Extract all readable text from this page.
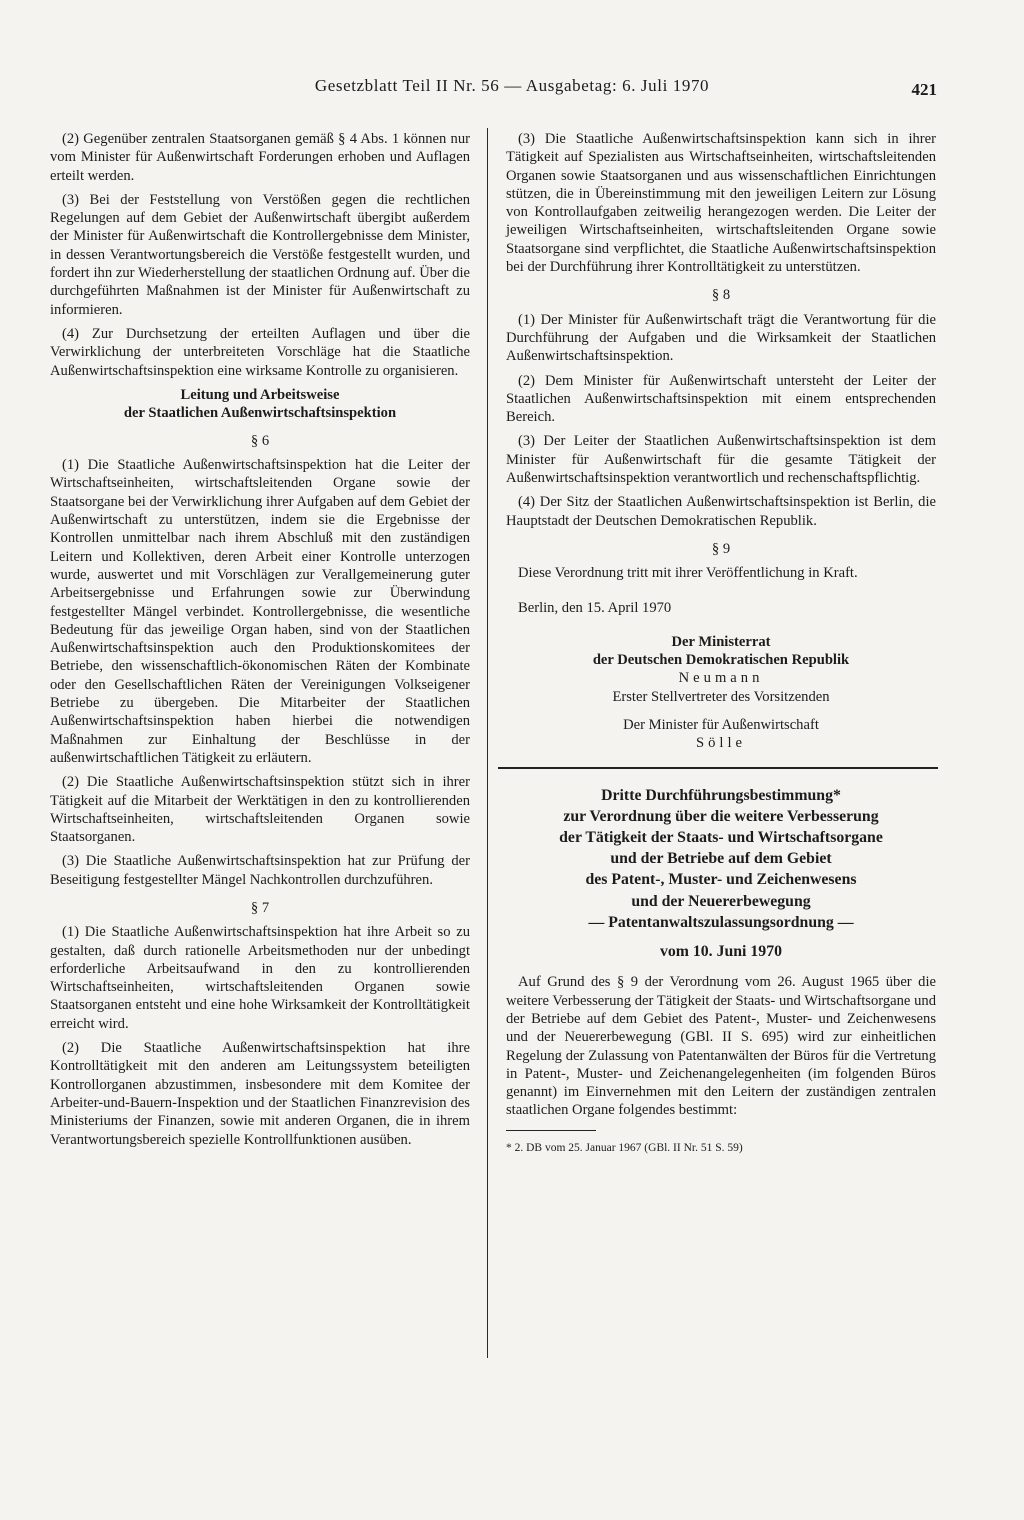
Gesetzblatt Teil II Nr. 56 — Ausgabetag: 6. Juli 1970	421

(2) Gegenüber zentralen Staatsorganen gemäß § 4 Abs. 1 können nur vom Minister für Außenwirtschaft Forderungen erhoben und Auflagen erteilt werden.

(3) Bei der Feststellung von Verstößen gegen die rechtlichen Regelungen auf dem Gebiet der Außenwirtschaft übergibt außerdem der Minister für Außenwirtschaft die Kontrollergebnisse dem Minister, in dessen Verantwortungsbereich die Verstöße festgestellt wurden, und fordert ihn zur Wiederherstellung der staatlichen Ordnung auf. Über die durchgeführten Maßnahmen ist der Minister für Außenwirtschaft zu informieren.

(4) Zur Durchsetzung der erteilten Auflagen und über die Verwirklichung der unterbreiteten Vorschläge hat die Staatliche Außenwirtschaftsinspektion eine wirksame Kontrolle zu organisieren.

Leitung und Arbeitsweise
der Staatlichen Außenwirtschaftsinspektion
§ 6

(1) Die Staatliche Außenwirtschaftsinspektion hat die Leiter der Wirtschaftseinheiten, wirtschaftsleitenden Organe sowie der Staatsorgane bei der Verwirklichung ihrer Aufgaben auf dem Gebiet der Außenwirtschaft zu unterstützen, indem sie die Ergebnisse der Kontrollen unmittelbar nach ihrem Abschluß mit den zuständigen Leitern und Kollektiven, deren Arbeit einer Kontrolle unterzogen wurde, auswertet und mit Vorschlägen zur Verallgemeinerung guter Arbeitsergebnisse und Erfahrungen sowie zur Überwindung festgestellter Mängel verbindet. Kontrollergebnisse, die wesentliche Bedeutung für das jeweilige Organ haben, sind von der Staatlichen Außenwirtschaftsinspektion auch den Produktionskomitees der Betriebe, den wissenschaftlich-ökonomischen Räten der Kombinate oder den Gesellschaftlichen Räten der Vereinigungen Volkseigener Betriebe zu übergeben. Die Mitarbeiter der Staatlichen Außenwirtschaftsinspektion haben hierbei die notwendigen Maßnahmen zur Einhaltung der Beschlüsse in der außenwirtschaftlichen Tätigkeit zu erläutern.

(2) Die Staatliche Außenwirtschaftsinspektion stützt sich in ihrer Tätigkeit auf die Mitarbeit der Werktätigen in den zu kontrollierenden Wirtschaftseinheiten, wirtschaftsleitenden Organen sowie Staatsorganen.

(3) Die Staatliche Außenwirtschaftsinspektion hat zur Prüfung der Beseitigung festgestellter Mängel Nachkontrollen durchzuführen.

§ 7

(1) Die Staatliche Außenwirtschaftsinspektion hat ihre Arbeit so zu gestalten, daß durch rationelle Arbeitsmethoden nur der unbedingt erforderliche Arbeitsaufwand in den zu kontrollierenden Wirtschaftseinheiten, wirtschaftsleitenden Organen sowie Staatsorganen entsteht und eine hohe Wirksamkeit der Kontrolltätigkeit erreicht wird.

(2) Die Staatliche Außenwirtschaftsinspektion hat ihre Kontrolltätigkeit mit den anderen am Leitungssystem beteiligten Kontrollorganen abzustimmen, insbesondere mit dem Komitee der Arbeiter-und-Bauern-Inspektion und der Staatlichen Finanzrevision des Ministeriums der Finanzen, sowie mit anderen Organen, die in ihrem Verantwortungsbereich spezielle Kontrollfunktionen ausüben.

(3) Die Staatliche Außenwirtschaftsinspektion kann sich in ihrer Tätigkeit auf Spezialisten aus Wirtschaftseinheiten, wirtschaftsleitenden Organen sowie Staatsorganen und aus wissenschaftlichen Einrichtungen stützen, die in Übereinstimmung mit den jeweiligen Leitern zur Lösung von Kontrollaufgaben zeitweilig herangezogen werden. Die Leiter der jeweiligen Wirtschaftseinheiten, wirtschaftsleitenden Organe sowie Staatsorgane sind verpflichtet, die Staatliche Außenwirtschaftsinspektion bei der Durchführung ihrer Kontrolltätigkeit zu unterstützen.

§ 8

(1) Der Minister für Außenwirtschaft trägt die Verantwortung für die Durchführung der Aufgaben und die Wirksamkeit der Staatlichen Außenwirtschaftsinspektion.

(2) Dem Minister für Außenwirtschaft untersteht der Leiter der Staatlichen Außenwirtschaftsinspektion mit einem entsprechenden Bereich.

(3) Der Leiter der Staatlichen Außenwirtschaftsinspektion ist dem Minister für Außenwirtschaft für die gesamte Tätigkeit der Außenwirtschaftsinspektion verantwortlich und rechenschaftspflichtig.

(4) Der Sitz der Staatlichen Außenwirtschaftsinspektion ist Berlin, die Hauptstadt der Deutschen Demokratischen Republik.

§ 9

Diese Verordnung tritt mit ihrer Veröffentlichung in Kraft.

Berlin, den 15. April 1970

Der Ministerrat

der Deutschen Demokratischen Republik

Neumann

Erster Stellvertreter des Vorsitzenden

Der Minister für Außenwirtschaft

Sölle

Dritte Durchführungsbestimmung*
zur Verordnung über die weitere Verbesserung
der Tätigkeit der Staats- und Wirtschaftsorgane
und der Betriebe auf dem Gebiet
des Patent-, Muster- und Zeichenwesens
und der Neuererbewegung
— Patentanwaltszulassungsordnung —
vom 10. Juni 1970

Auf Grund des § 9 der Verordnung vom 26. August 1965 über die weitere Verbesserung der Tätigkeit der Staats- und Wirtschaftsorgane und der Betriebe auf dem Gebiet des Patent-, Muster- und Zeichenwesens und der Neuererbewegung (GBl. II S. 695) wird zur einheitlichen Regelung der Zulassung von Patentanwälten der Büros für die Vertretung in Patent-, Muster- und Zeichenangelegenheiten (im folgenden Büros genannt) im Einvernehmen mit den Leitern der zuständigen zentralen staatlichen Organe folgendes bestimmt:

* 2. DB vom 25. Januar 1967 (GBl. II Nr. 51 S. 59)
